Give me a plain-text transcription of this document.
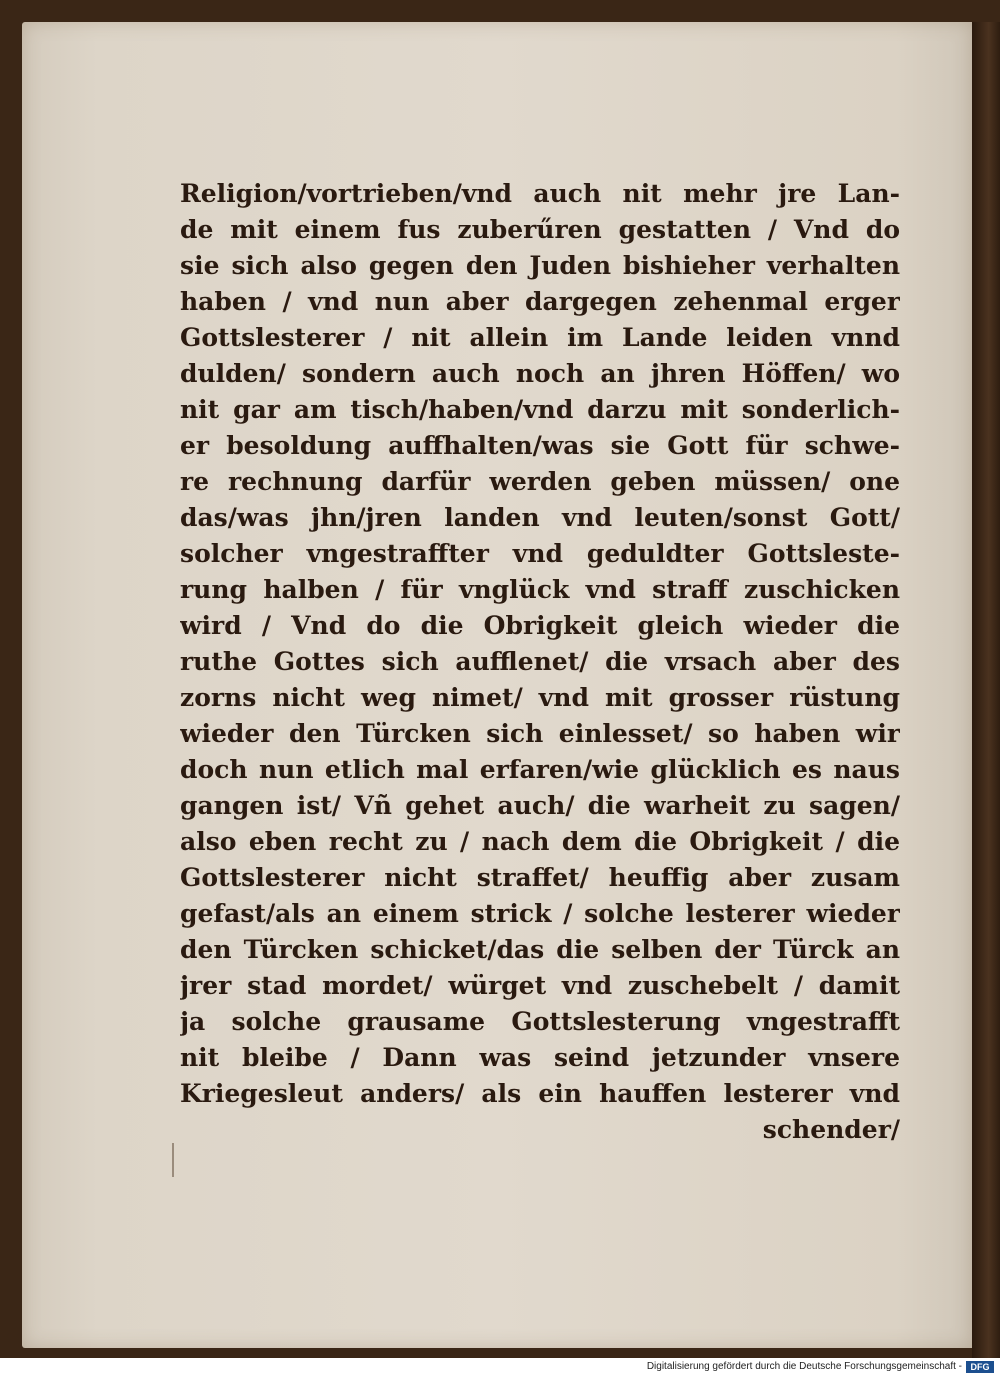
Religion/vortrieben/vnd auch nit mehr jre Lan-
de mit einem fus zuberűren gestatten / Vnd do
sie sich also gegen den Juden bishieher verhalten
haben / vnd nun aber dargegen zehenmal erger
Gottslesterer / nit allein im Lande leiden vnnd
dulden/ sondern auch noch an jhren Höffen/ wo
nit gar am tisch/haben/vnd darzu mit sonderlich-
er besoldung auffhalten/was sie Gott für schwe-
re rechnung darfür werden geben müssen/ one
das/was jhn/jren landen vnd leuten/sonst Gott/
solcher vngestraffter vnd geduldter Gottsleste-
rung halben / für vnglück vnd straff zuschicken
wird / Vnd do die Obrigkeit gleich wieder die
ruthe Gottes sich aufflenet/ die vrsach aber des
zorns nicht weg nimet/ vnd mit grosser rüstung
wieder den Türcken sich einlesset/ so haben wir
doch nun etlich mal erfaren/wie glücklich es naus
gangen ist/ Vñ gehet auch/ die warheit zu sagen/
also eben recht zu / nach dem die Obrigkeit / die
Gottslesterer nicht straffet/ heuffig aber zusam
gefast/als an einem strick / solche lesterer wieder
den Türcken schicket/das die selben der Türck an
jrer stad mordet/ würget vnd zuschebelt / damit
ja solche grausame Gottslesterung vngestrafft
nit bleibe / Dann was seind jetzunder vnsere
Kriegesleut anders/ als ein hauffen lesterer vnd
schender/
Digitalisierung gefördert durch die Deutsche Forschungsgemeinschaft - DFG
